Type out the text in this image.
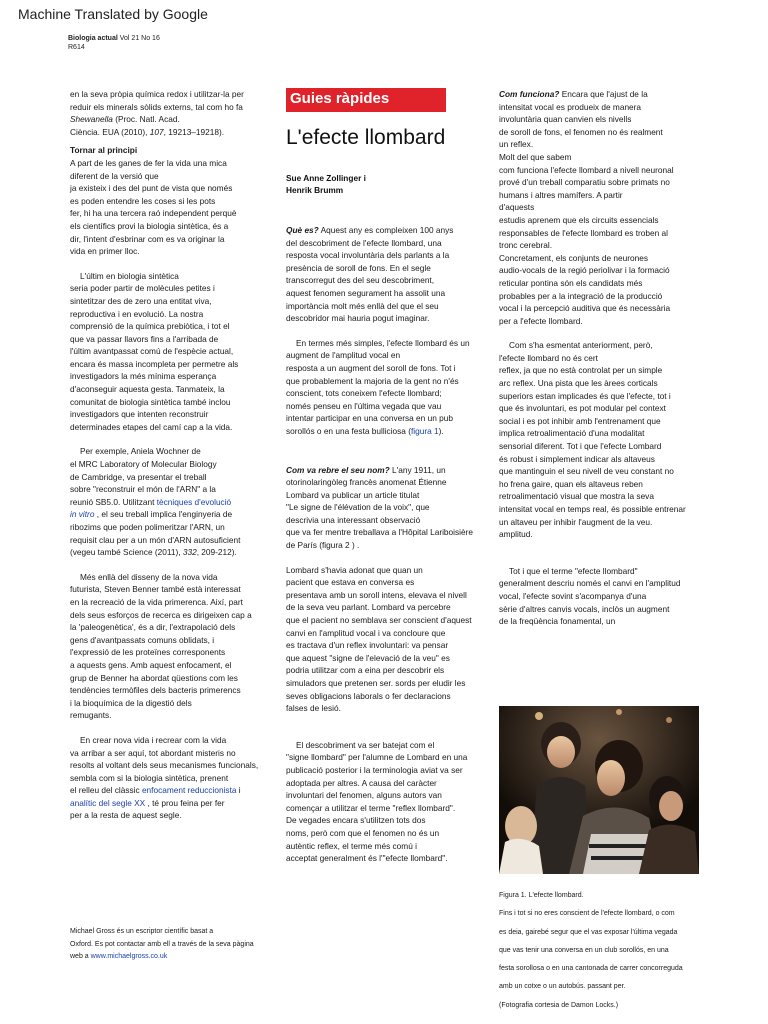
Machine Translated by Google
Biologia actual Vol 21 No 16
R614

en la seva pròpia química redox i utilitzar-la per

reduir els minerals sòlids externs, tal com ho fa

Shewanella (Proc. Natl. Acad.

Ciència. EUA (2010), 107, 19213–19218).

Tornar al principi

A part de les ganes de fer la vida una mica

diferent de la versió que

ja existeix i des del punt de vista que només

es poden entendre les coses si les pots

fer, hi ha una tercera raó independent perquè

els científics provi la biologia sintètica, és a

dir, l'intent d'esbrinar com es va originar la

vida en primer lloc.

L'últim en biologia sintètica

seria poder partir de molècules petites i

sintetitzar des de zero una entitat viva,

reproductiva i en evolució. La nostra

comprensió de la química prebiòtica, i tot el

que va passar llavors fins a l'arribada de

l'últim avantpassat comú de l'espècie actual,

encara és massa incompleta per permetre als

investigadors la més mínima esperança

d'aconseguir aquesta gesta. Tanmateix, la

comunitat de biologia sintètica també inclou

investigadors que intenten reconstruir

determinades etapes del camí cap a la vida.

Per exemple, Aniela Wochner de

el MRC Laboratory of Molecular Biology

de Cambridge, va presentar el treball

sobre "reconstruir el món de l'ARN" a la

reunió SB5.0. Utilitzant tècniques d'evolució

in vitro , el seu treball implica l'enginyeria de

ribozims que poden polimeritzar l'ARN, un

requisit clau per a un món d'ARN autosuficient

(vegeu també Science (2011), 332, 209-212).

Més enllà del disseny de la nova vida

futurista, Steven Benner també està interessat

en la recreació de la vida primerenca. Així, part

dels seus esforços de recerca es dirigeixen cap a

la 'paleogenètica', és a dir, l'extrapolació dels

gens d'avantpassats comuns oblidats, i

l'expressió de les proteïnes corresponents

a aquests gens. Amb aquest enfocament, el

grup de Benner ha abordat qüestions com les

tendències termòfiles dels bacteris primerencs

i la bioquímica de la digestió dels

remugants.

En crear nova vida i recrear com la vida

va arribar a ser aquí, tot abordant misteris no

resolts al voltant dels seus mecanismes funcionals,

sembla com si la biologia sintètica, prenent

el relleu del clàssic enfocament reduccionista i

analític del segle XX , té prou feina per fer

per a la resta de aquest segle.

Michael Gross és un escriptor científic basat a
Oxford. Es pot contactar amb ell a través de la seva pàgina
web a www.michaelgross.co.uk
Guies ràpides
L'efecte llombard
Sue Anne Zollinger i
Henrik Brumm

Què es? Aquest any es compleixen 100 anys

del descobriment de l'efecte llombard, una

resposta vocal involuntària dels parlants a la

presència de soroll de fons. En el segle

transcorregut des del seu descobriment,

aquest fenomen segurament ha assolit una

importància molt més enllà del que el seu

descobridor mai hauria pogut imaginar.

En termes més simples, l'efecte llombard és un

augment de l'amplitud vocal en

resposta a un augment del soroll de fons. Tot i

que probablement la majoria de la gent no n'és

conscient, tots coneixem l'efecte llombard;

només penseu en l'última vegada que vau

intentar participar en una conversa en un pub

sorollós o en una festa bulliciosa (figura 1).

Com va rebre el seu nom? L'any 1911, un

otorinolaringòleg francès anomenat Étienne

Lombard va publicar un article titulat

"Le signe de l'élévation de la voix", que

descrivia una interessant observació

que va fer mentre treballava a l'Hôpital Lariboisière

de París (figura 2 ) .

Lombard s'havia adonat que quan un

pacient que estava en conversa es

presentava amb un soroll intens, elevava el nivell

de la seva veu parlant. Lombard va percebre

que el pacient no semblava ser conscient d'aquest

canvi en l'amplitud vocal i va concloure que

es tractava d'un reflex involuntari: va pensar

que aquest "signe de l'elevació de la veu" es

podria utilitzar com a eina per descobrir els

simuladors que pretenen ser. sords per eludir les

seves obligacions laborals o fer declaracions

falses de lesió.

El descobriment va ser batejat com el

"signe llombard" per l'alumne de Lombard en una

publicació posterior i la terminologia aviat va ser

adoptada per altres. A causa del caràcter

involuntari del fenomen, alguns autors van

començar a utilitzar el terme "reflex llombard".

De vegades encara s'utilitzen tots dos

noms, però com que el fenomen no és un

autèntic reflex, el terme més comú i

acceptat generalment és l'"efecte llombard".

Com funciona? Encara que l'ajust de la

intensitat vocal es produeix de manera

involuntària quan canvien els nivells

de soroll de fons, el fenomen no és realment

un reflex.

Molt del que sabem

com funciona l'efecte llombard a nivell neuronal

prové d'un treball comparatiu sobre primats no

humans i altres mamífers. A partir

d'aquests

estudis aprenem que els circuits essencials

responsables de l'efecte llombard es troben al

tronc cerebral.

Concretament, els conjunts de neurones

audio-vocals de la regió periolivar i la formació

reticular pontina són els candidats més

probables per a la integració de la producció

vocal i la percepció auditiva que és necessària

per a l'efecte llombard.

Com s'ha esmentat anteriorment, però,

l'efecte llombard no és cert

reflex, ja que no està controlat per un simple

arc reflex. Una pista que les àrees corticals

superiors estan implicades és que l'efecte, tot i

que és involuntari, es pot modular pel context

social i es pot inhibir amb l'entrenament que

implica retroalimentació d'una modalitat

sensorial diferent. Tot i que l'efecte Lombard

és robust i simplement indicar als altaveus

que mantinguin el seu nivell de veu constant no

ho frena gaire, quan els altaveus reben

retroalimentació visual que mostra la seva

intensitat vocal en temps real, és possible entrenar

un altaveu per inhibir l'augment de la veu.

amplitud.

Tot i que el terme "efecte llombard"

generalment descriu només el canvi en l'amplitud

vocal, l'efecte sovint s'acompanya d'una

sèrie d'altres canvis vocals, inclòs un augment

de la freqüència fonamental, un

Figura 1. L'efecte llombard.

Fins i tot si no eres conscient de l'efecte llombard, o com

es deia, gairebé segur que el vas exposar l'última vegada

que vas tenir una conversa en un club sorollós, en una

festa sorollosa o en una cantonada de carrer concorreguda

amb un cotxe o un autobús. passant per.

(Fotografia cortesia de Damon Locks.)
